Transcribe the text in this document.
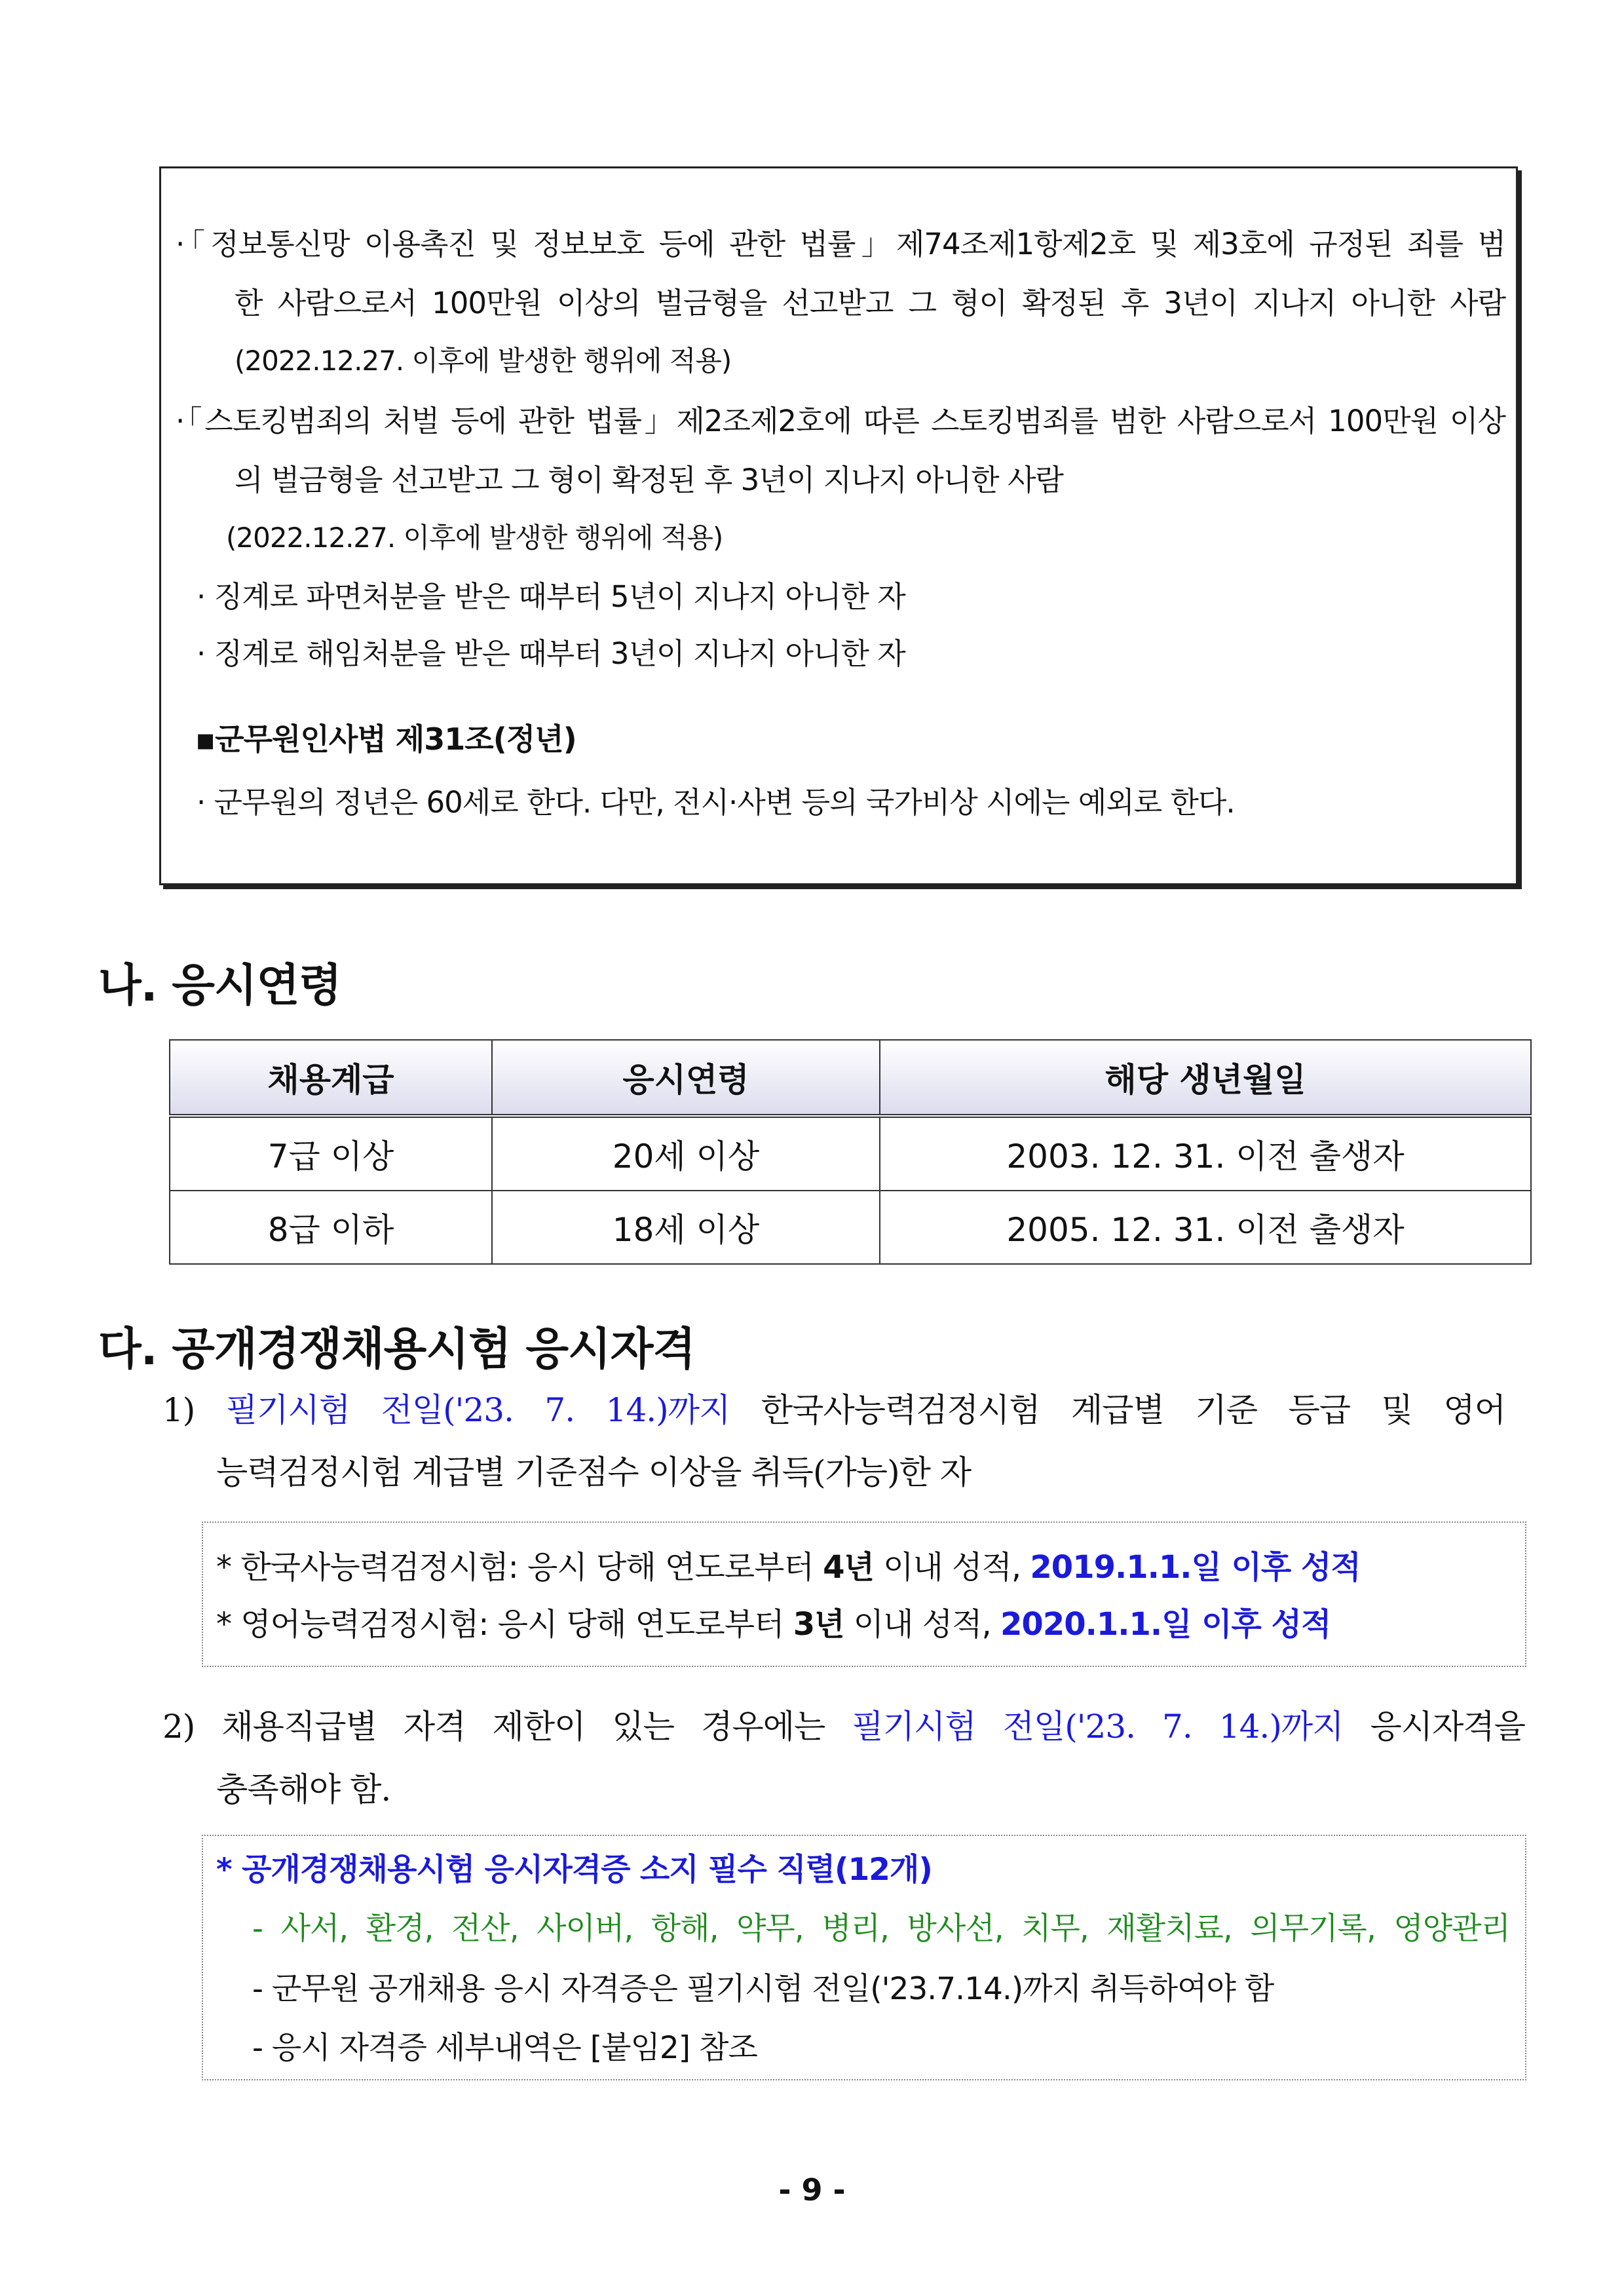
·「정보통신망 이용촉진 및 정보보호 등에 관한 법률」제74조제1항제2호 및 제3호에 규정된 죄를 범
한 사람으로서 100만원 이상의 벌금형을 선고받고 그 형이 확정된 후 3년이 지나지 아니한 사람
(2022.12.27. 이후에 발생한 행위에 적용)
·「스토킹범죄의 처벌 등에 관한 법률」제2조제2호에 따른 스토킹범죄를 범한 사람으로서 100만원 이상
의 벌금형을 선고받고 그 형이 확정된 후 3년이 지나지 아니한 사람
(2022.12.27. 이후에 발생한 행위에 적용)
· 징계로 파면처분을 받은 때부터 5년이 지나지 아니한 자
· 징계로 해임처분을 받은 때부터 3년이 지나지 아니한 자
▪군무원인사법 제31조(정년)
· 군무원의 정년은 60세로 한다. 다만, 전시·사변 등의 국가비상 시에는 예외로 한다.
나. 응시연령
채용계급	응시연령	해당 생년월일
7급 이상	20세 이상	2003. 12. 31. 이전 출생자
8급 이하	18세 이상	2005. 12. 31. 이전 출생자
다. 공개경쟁채용시험 응시자격
1) 필기시험 전일('23. 7. 14.)까지 한국사능력검정시험 계급별 기준 등급 및 영어
능력검정시험 계급별 기준점수 이상을 취득(가능)한 자
* 한국사능력검정시험: 응시 당해 연도로부터 4년 이내 성적, 2019.1.1.일 이후 성적
* 영어능력검정시험: 응시 당해 연도로부터 3년 이내 성적, 2020.1.1.일 이후 성적
2) 채용직급별 자격 제한이 있는 경우에는 필기시험 전일('23. 7. 14.)까지 응시자격을
충족해야 함.
* 공개경쟁채용시험 응시자격증 소지 필수 직렬(12개)
- 사서, 환경, 전산, 사이버, 항해, 약무, 병리, 방사선, 치무, 재활치료, 의무기록, 영양관리
- 군무원 공개채용 응시 자격증은 필기시험 전일('23.7.14.)까지 취득하여야 함
- 응시 자격증 세부내역은 [붙임2] 참조
- 9 -
